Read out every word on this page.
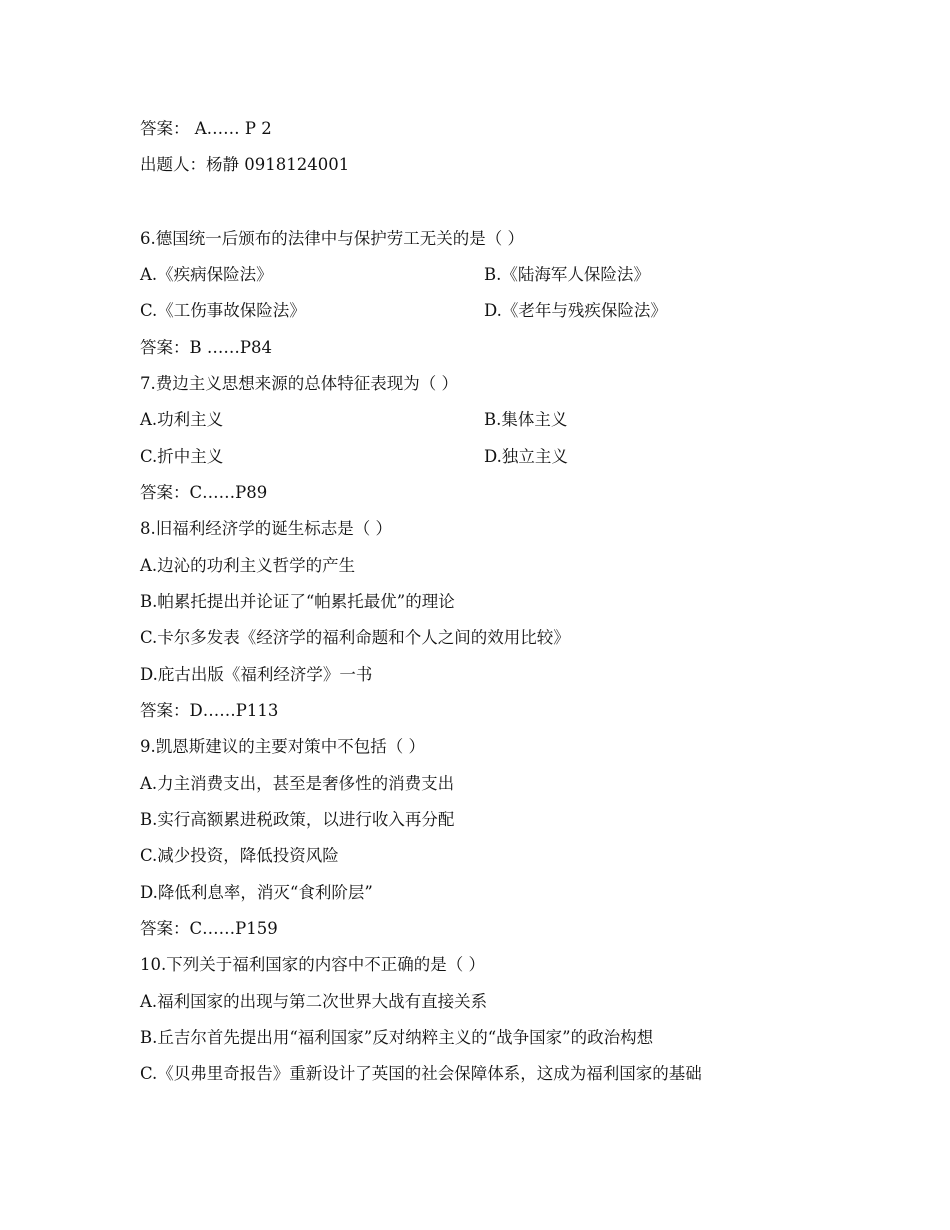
答案： A…… P 2
出题人：杨静 0918124001
6.德国统一后颁布的法律中与保护劳工无关的是（ ）
A.《疾病保险法》	B.《陆海军人保险法》
C.《工伤事故保险法》	D.《老年与残疾保险法》
答案：B ……P84
7.费边主义思想来源的总体特征表现为（ ）
A.功利主义	B.集体主义
C.折中主义	D.独立主义
答案：C……P89
8.旧福利经济学的诞生标志是（ ）
A.边沁的功利主义哲学的产生
B.帕累托提出并论证了“帕累托最优”的理论
C.卡尔多发表《经济学的福利命题和个人之间的效用比较》
D.庇古出版《福利经济学》一书
答案：D……P113
9.凯恩斯建议的主要对策中不包括（ ）
A.力主消费支出，甚至是奢侈性的消费支出
B.实行高额累进税政策，以进行收入再分配
C.减少投资，降低投资风险
D.降低利息率，消灭“食利阶层”
答案：C……P159
10.下列关于福利国家的内容中不正确的是（ ）
A.福利国家的出现与第二次世界大战有直接关系
B.丘吉尔首先提出用“福利国家”反对纳粹主义的“战争国家”的政治构想
C.《贝弗里奇报告》重新设计了英国的社会保障体系，这成为福利国家的基础
